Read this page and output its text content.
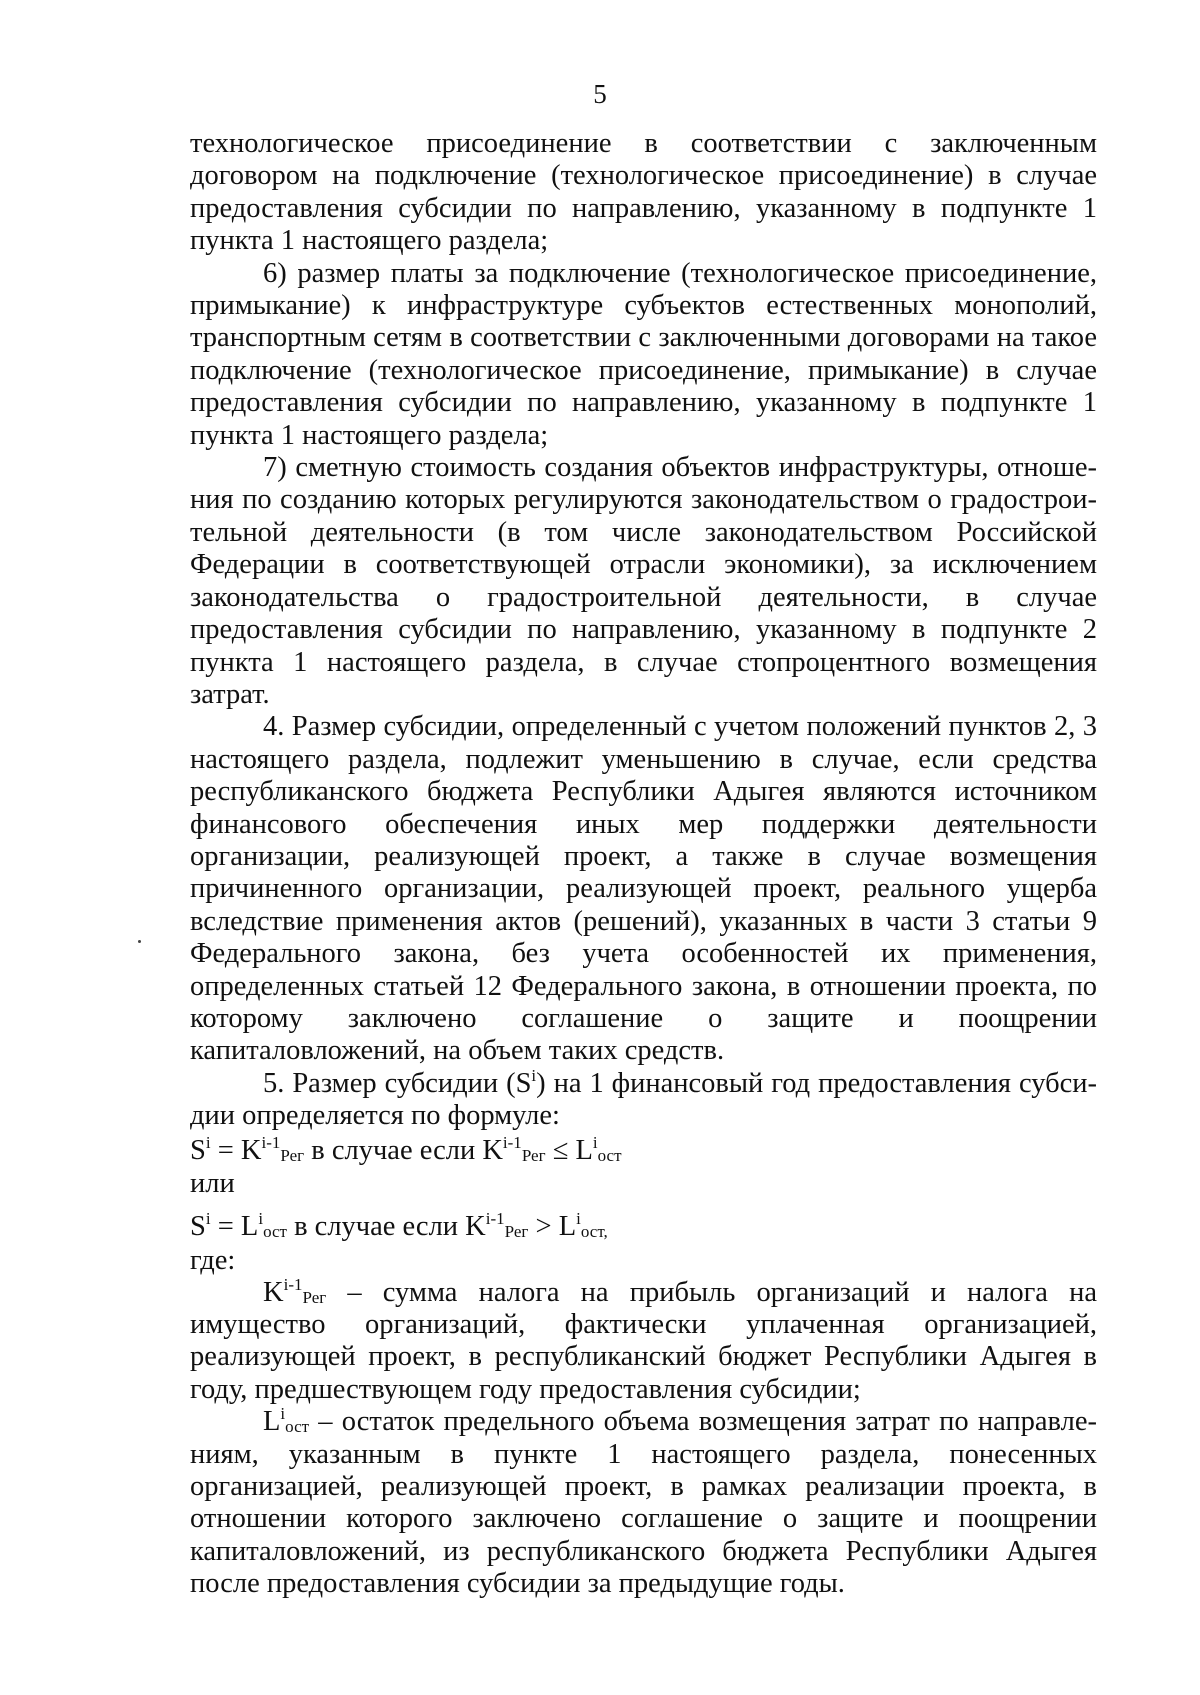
5

технологическое присоединение в соответствии с заключенным договором на подключение (технологическое присоединение) в случае предоставления субсидии по направлению, указанному в подпункте 1 пункта 1 настоящего раздела;

6) размер платы за подключение (технологическое присоединение, примыкание) к инфраструктуре субъектов естественных монополий, транспортным сетям в соответствии с заключенными договорами на такое подключение (технологическое присоединение, примыкание) в случае предоставления субсидии по направлению, указанному в подпункте 1 пункта 1 настоящего раздела;

7) сметную стоимость создания объектов инфраструктуры, отношения по созданию которых регулируются законодательством о градостроительной деятельности (в том числе законодательством Российской Федерации в соответствующей отрасли экономики), за исключением законодательства о градостроительной деятельности, в случае предоставления субсидии по направлению, указанному в подпункте 2 пункта 1 настоящего раздела, в случае стопроцентного возмещения затрат.

4. Размер субсидии, определенный с учетом положений пунктов 2, 3 настоящего раздела, подлежит уменьшению в случае, если средства республиканского бюджета Республики Адыгея являются источником финансового обеспечения иных мер поддержки деятельности организации, реализующей проект, а также в случае возмещения причиненного организации, реализующей проект, реального ущерба вследствие применения актов (решений), указанных в части 3 статьи 9 Федерального закона, без учета особенностей их применения, определенных статьей 12 Федерального закона, в отношении проекта, по которому заключено соглашение о защите и поощрении капиталовложений, на объем таких средств.

5. Размер субсидии $(S^i)$ на 1 финансовый год предоставления субсидии определяется по формуле:

$S^i = K^{i-1}_{Рег}$ в случае если $K^{i-1}_{Рег} \le L^i_{ост}$

или

$S^i = L^i_{ост}$ в случае если $K^{i-1}_{Рег} > L^i_{ост,}$

где:

$K^{i-1}_{Рег}$ – сумма налога на прибыль организаций и налога на имущество организаций, фактически уплаченная организацией, реализующей проект, в республиканский бюджет Республики Адыгея в году, предшествующем году предоставления субсидии;

$L^i_{ост}$ – остаток предельного объема возмещения затрат по направлениям, указанным в пункте 1 настоящего раздела, понесенных организацией, реализующей проект, в рамках реализации проекта, в отношении которого заключено соглашение о защите и поощрении капиталовложений, из республиканского бюджета Республики Адыгея после предоставления субсидии за предыдущие годы.
